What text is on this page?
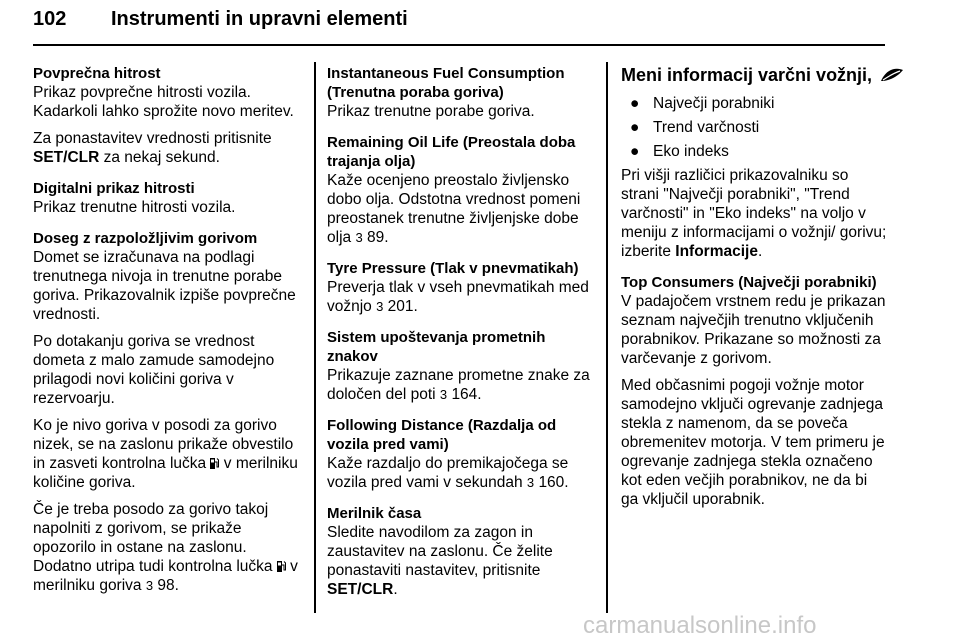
102 Instrumenti in upravni elementi
Povprečna hitrost
Prikaz povprečne hitrosti vozila. Kadarkoli lahko sprožite novo meritev.
Za ponastavitev vrednosti pritisnite SET/CLR za nekaj sekund.
Digitalni prikaz hitrosti
Prikaz trenutne hitrosti vozila.
Doseg z razpoložljivim gorivom
Domet se izračunava na podlagi trenutnega nivoja in trenutne porabe goriva. Prikazovalnik izpiše povprečne vrednosti.
Po dotakanju goriva se vrednost dometa z malo zamude samodejno prilagodi novi količini goriva v rezervoarju.
Ko je nivo goriva v posodi za gorivo nizek, se na zaslonu prikaže obvestilo in zasveti kontrolna lučka  v merilniku količine goriva.
Če je treba posodo za gorivo takoj napolniti z gorivom, se prikaže opozorilo in ostane na zaslonu. Dodatno utripa tudi kontrolna lučka  v merilniku goriva 3 98.
Instantaneous Fuel Consumption (Trenutna poraba goriva)
Prikaz trenutne porabe goriva.
Remaining Oil Life (Preostala doba trajanja olja)
Kaže ocenjeno preostalo življensko dobo olja. Odstotna vrednost pomeni preostanek trenutne življenjske dobe olja 3 89.
Tyre Pressure (Tlak v pnevmatikah)
Preverja tlak v vseh pnevmatikah med vožnjo 3 201.
Sistem upoštevanja prometnih znakov
Prikazuje zaznane prometne znake za določen del poti 3 164.
Following Distance (Razdalja od vozila pred vami)
Kaže razdaljo do premikajočega se vozila pred vami v sekundah 3 160.
Merilnik časa
Sledite navodilom za zagon in zaustavitev na zaslonu. Če želite ponastaviti nastavitev, pritisnite SET/CLR.
Meni informacij varčni vožnji,
● Največji porabniki
● Trend varčnosti
● Eko indeks
Pri višji različici prikazovalniku so strani "Največji porabniki", "Trend varčnosti" in "Eko indeks" na voljo v meniju z informacijami o vožnji/ gorivu; izberite Informacije.
Top Consumers (Največji porabniki)
V padajočem vrstnem redu je prikazan seznam največjih trenutno vključenih porabnikov. Prikazane so možnosti za varčevanje z gorivom.
Med občasnimi pogoji vožnje motor samodejno vključi ogrevanje zadnjega stekla z namenom, da se poveča obremenitev motorja. V tem primeru je ogrevanje zadnjega stekla označeno kot eden večjih porabnikov, ne da bi ga vključil uporabnik.
carmanualsonline.info
